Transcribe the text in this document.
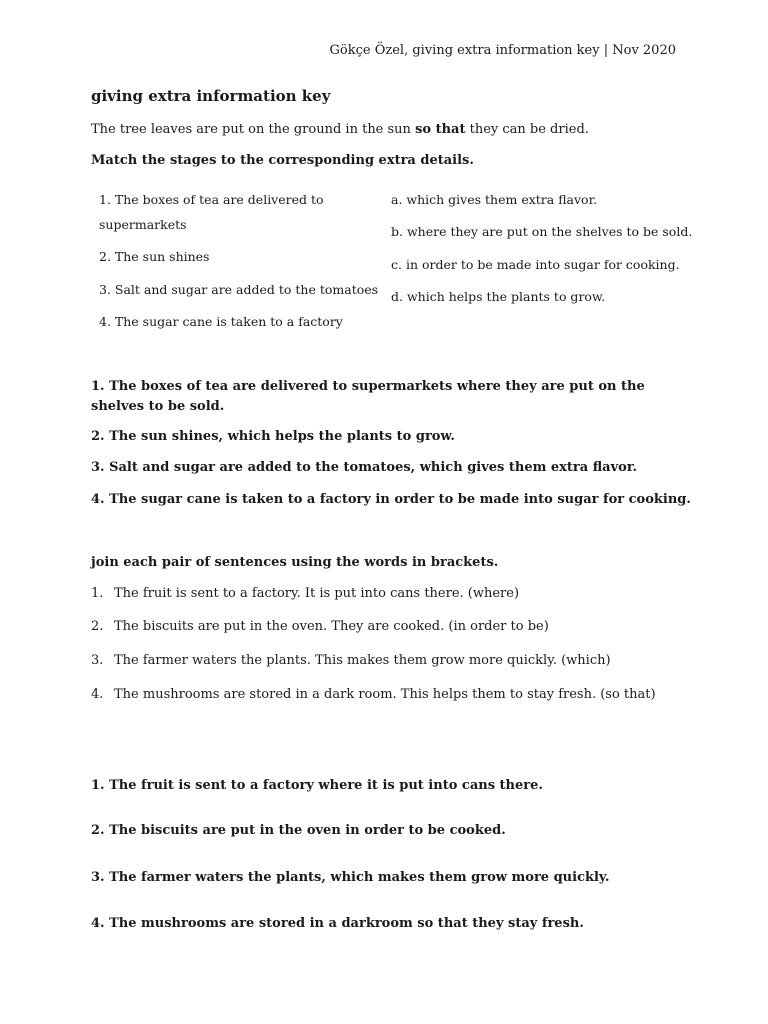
Gökçe Özel, giving extra information key | Nov 2020
giving extra information key
The tree leaves are put on the ground in the sun so that they can be dried.
Match the stages to the corresponding extra details.
1. The boxes of tea are delivered to
supermarkets
2. The sun shines
3. Salt and sugar are added to the tomatoes
4. The sugar cane is taken to a factory
a. which gives them extra flavor.
b. where they are put on the shelves to be sold.
c. in order to be made into sugar for cooking.
d. which helps the plants to grow.
1. The boxes of tea are delivered to supermarkets where they are put on the shelves to be sold.
2. The sun shines, which helps the plants to grow.
3. Salt and sugar are added to the tomatoes, which gives them extra flavor.
4. The sugar cane is taken to a factory in order to be made into sugar for cooking.
join each pair of sentences using the words in brackets.
1. The fruit is sent to a factory. It is put into cans there. (where)
2. The biscuits are put in the oven. They are cooked. (in order to be)
3. The farmer waters the plants. This makes them grow more quickly. (which)
4. The mushrooms are stored in a dark room. This helps them to stay fresh. (so that)
1. The fruit is sent to a factory where it is put into cans there.
2. The biscuits are put in the oven in order to be cooked.
3. The farmer waters the plants, which makes them grow more quickly.
4. The mushrooms are stored in a darkroom so that they stay fresh.
